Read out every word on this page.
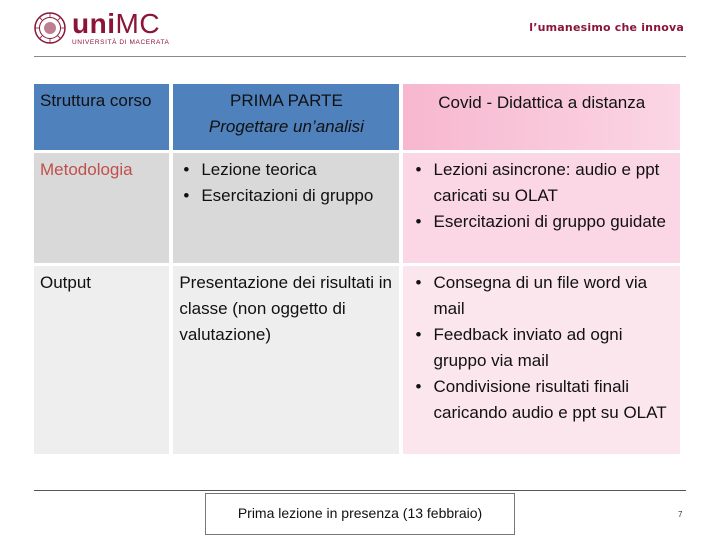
uniMC
UNIVERSITÀ DI MACERATA
l’umanesimo che innova
Struttura corso	PRIMA PARTE
Progettare un’analisi
Covid - Didattica a distanza
Metodologia
•	Lezione teorica
• Esercitazioni di gruppo
• Lezioni asincrone: audio e ppt caricati su OLAT
• Esercitazioni di gruppo guidate
Output	Presentazione dei risultati in classe (non oggetto di valutazione)
• Consegna di un file word via mail
• Feedback inviato ad ogni gruppo via mail
• Condivisione risultati finali caricando audio e ppt su OLAT
Prima lezione in presenza (13 febbraio)	7
